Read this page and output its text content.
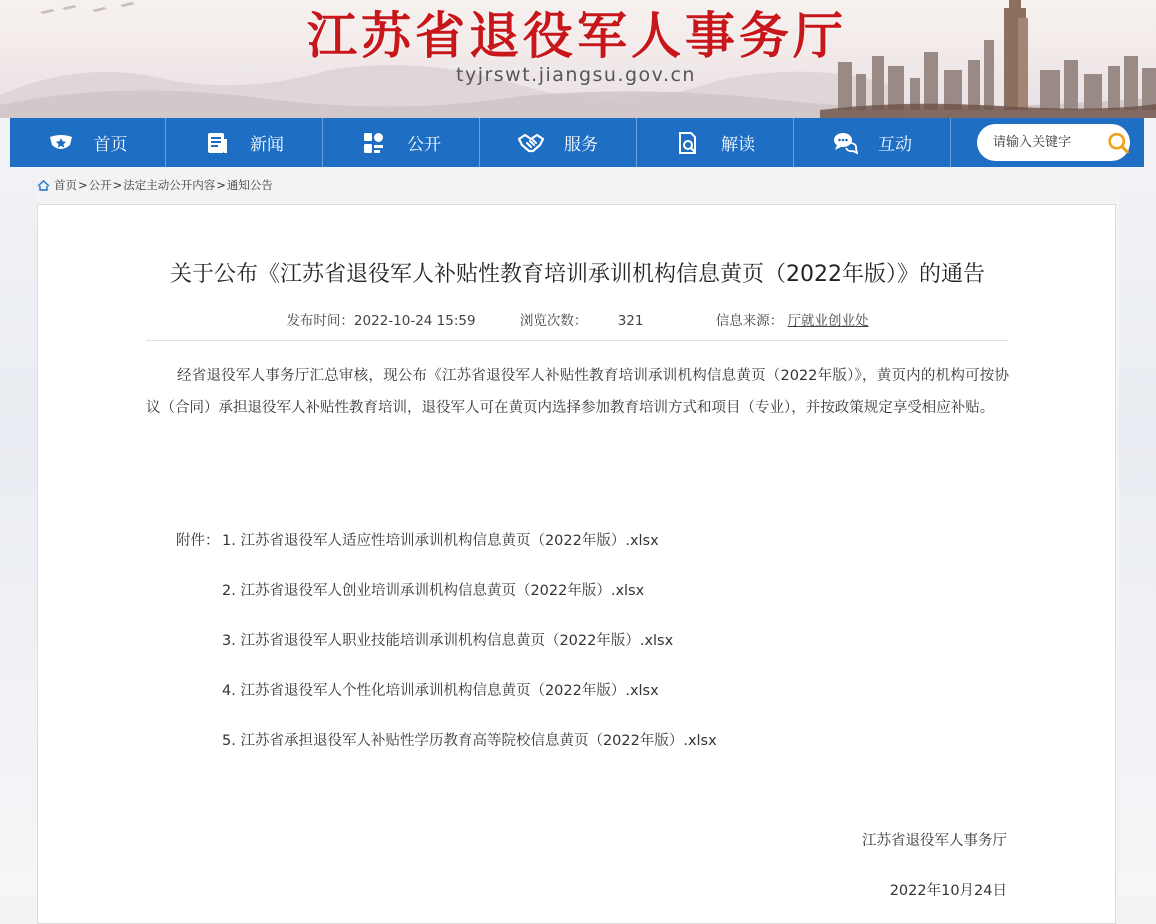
江苏省退役军人事务厅
tyjrswt.jiangsu.gov.cn
首页	新闻	公开	服务	解读	互动
请输入关键字
首页 > 公开 > 法定主动公开内容 > 通知公告
关于公布《江苏省退役军人补贴性教育培训承训机构信息黄页（2022年版）》的通告
发布时间：2022-10-24 15:59	浏览次数： 321	信息来源： 厅就业创业处

经省退役军人事务厅汇总审核，现公布《江苏省退役军人补贴性教育培训承训机构信息黄页（2022年版）》，黄页内的机构可按协议（合同）承担退役军人补贴性教育培训，退役军人可在黄页内选择参加教育培训方式和项目（专业），并按政策规定享受相应补贴。

附件： 1. 江苏省退役军人适应性培训承训机构信息黄页（2022年版）.xlsx
2. 江苏省退役军人创业培训承训机构信息黄页（2022年版）.xlsx
3. 江苏省退役军人职业技能培训承训机构信息黄页（2022年版）.xlsx
4. 江苏省退役军人个性化培训承训机构信息黄页（2022年版）.xlsx
5. 江苏省承担退役军人补贴性学历教育高等院校信息黄页（2022年版）.xlsx
江苏省退役军人事务厅
2022年10月24日
